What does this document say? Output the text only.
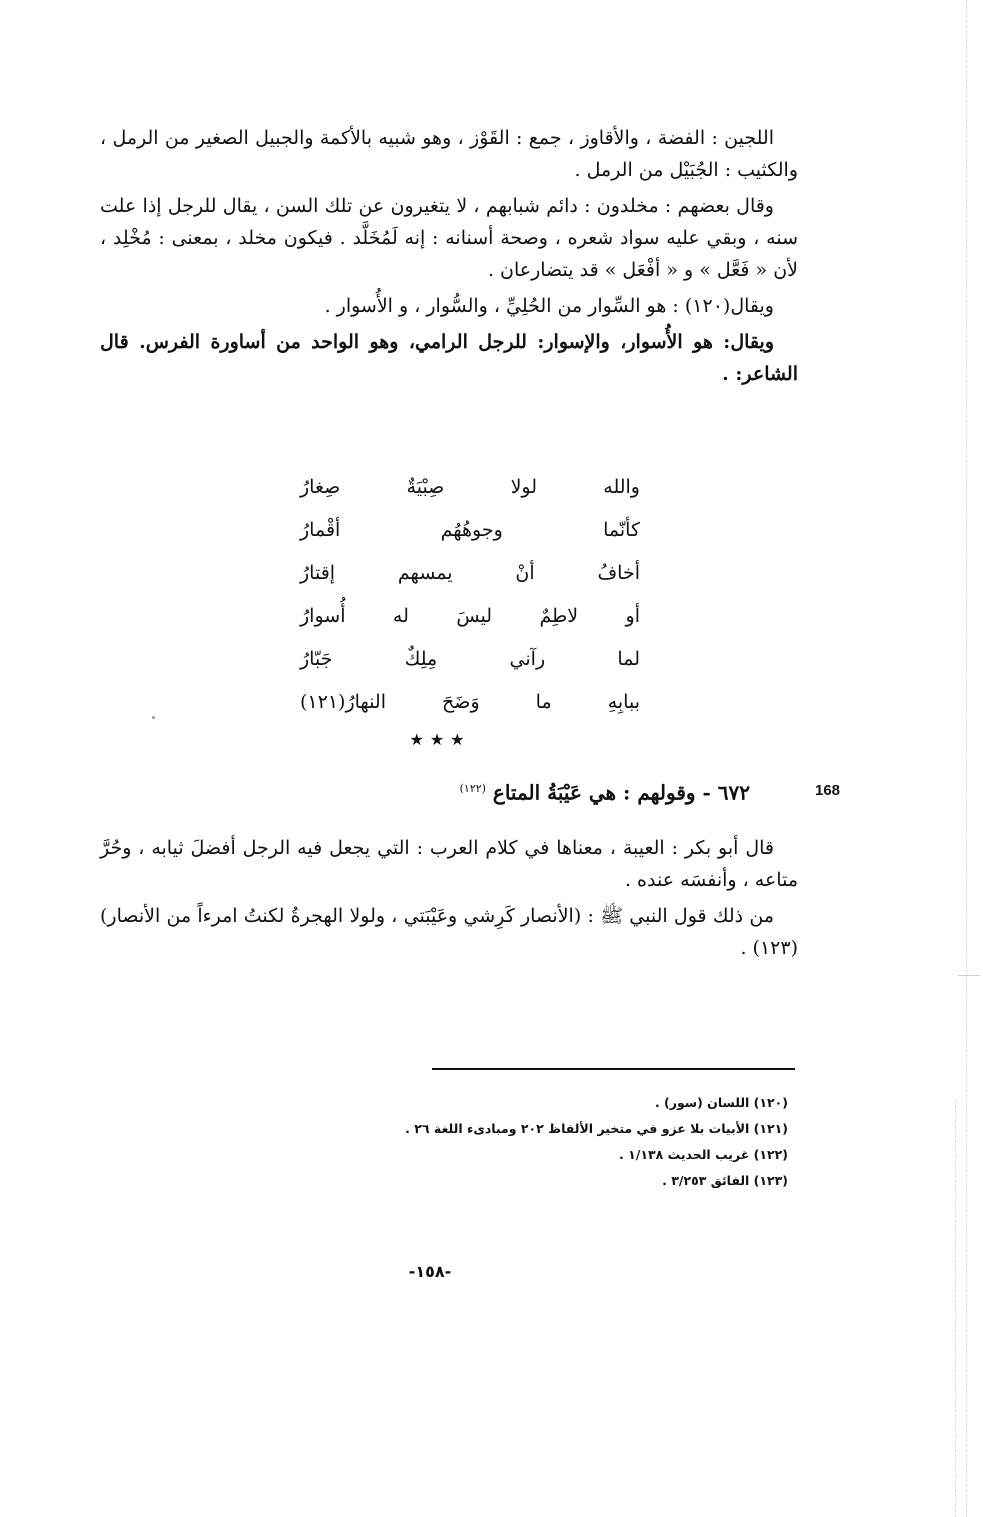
اللجين : الفضة ، والأقاوز ، جمع : القَوْز ، وهو شبيه بالأكمة والجبيل الصغير من الرمل ، والكثيب : الجُبَيْل من الرمل .

وقال بعضهم : مخلدون : دائم شبابهم ، لا يتغيرون عن تلك السن ، يقال للرجل إذا علت سنه ، وبقي عليه سواد شعره ، وصحة أسنانه : إنه لَمُخَلَّد . فيكون مخلد ، بمعنى : مُخْلِد ، لأن « فَعَّل » و « أفْعَل » قد يتضارعان .

ويقال(١٢٠) : هو السِّوار من الحُلِيِّ ، والسُّوار ، و الأُسوار .

ويقال: هو الأُسوار، والإسوار: للرجل الرامي، وهو الواحد من أساورة الفرس. قال الشاعر: .

والله لولا صِبْيَةٌ صِغارُ
كأنّما وجوهُهُم أقْمارُ
أخافُ أنْ يمسهم إقتارُ
أو لاطِمٌ ليسَ له أُسوارُ
لما رآني مِلِكٌ جَبّارُ
ببابِهِ ما وَضَحَ النهارُ(١٢١)
★★★
٦٧٢ - وقولهم : هي عَيْبَةُ المتاع $^{(١٢٢)}$	168

قال أبو بكر : العيبة ، معناها في كلام العرب : التي يجعل فيه الرجل أفضلَ ثيابه ، وحُرَّ متاعه ، وأنفسَه عنده .

من ذلك قول النبي ﷺ : (الأنصار كَرِشي وعَيْبَتي ، ولولا الهجرةُ لكنتُ امرءاً من الأنصار)(١٢٣) .

(١٢٠) اللسان (سور) .
(١٢١) الأبيات بلا عزو في متخير الألفاظ ٢٠٢ ومبادىء اللغة ٢٦ .
(١٢٢) غريب الحديث ١/١٣٨ .
(١٢٣) الفائق ٣/٢٥٣ .
-١٥٨-
